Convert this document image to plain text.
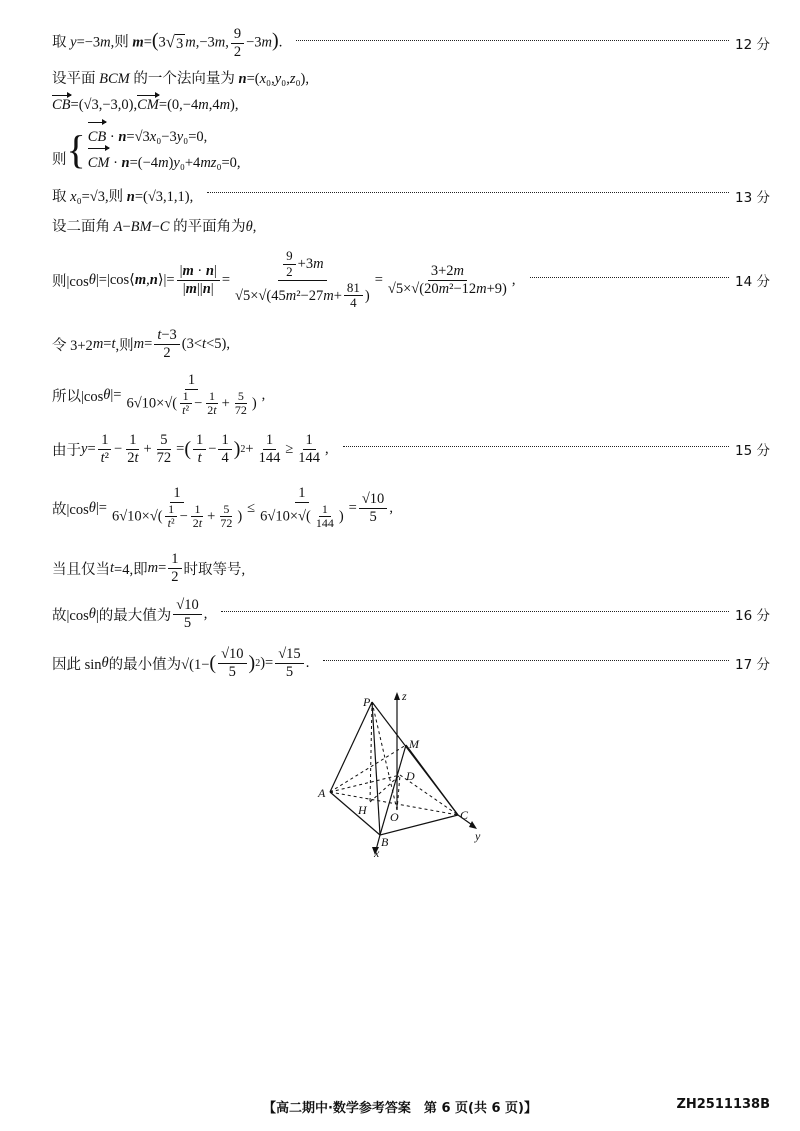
取 y=−3m,则 m=(3 √ 3 m,−3m, $\frac{9}{2} -3m$).	12 分
设平面 BCM 的一个法向量为 n=(x₀,y₀,z₀),
CB=(√3,−3,0),CM=(0,−4m,4m),
则 { CB · n=√3x₀−3y₀=0,
CM · n=(−4m)y₀+4mz₀=0,
取 x₀=√3,则 n=(√3,1,1),	13 分
设二面角 A−BM−C 的平面角为θ,
则|cos θ |=|cos⟨ m , n ⟩|= $\frac{|m \cdot n|}{|m||n|} = \frac{\frac{9}{2} +3m}{√5\times√(45m^2-27m+ \frac{81}{4} )} = \frac{3+2m}{\text{√5×√(20m²−12m+9)}}$ ,	14 分
令 3+2 m = t ,则 $m = \frac{t-3}{2} (3< t <5)$,
所以|cos θ |= $\frac{1}{6√10\times√( \frac{1}{\text{t²}} - \frac{1}{2t} + \frac{5}{72} )}$ ,
由于 $y = \frac{1}{\text{t²}} - \frac{1}{2t} + \frac{5}{72}$ = ( $\frac{1}{t} - \frac{1}{4}$ ) $2 + \frac{1}{144} \ge \frac{1}{144}$ ,	15 分
故|cos θ |= $\frac{1}{6√10\times√( \frac{1}{\text{t²}} - \frac{1}{2t} + \frac{5}{72} )} \le \frac{1}{6√10\times√( \frac{1}{144} )} = \frac{√10}{5}$ ,
当且仅当 t =4,即 $m = \frac{1}{2}$ 时取等号,
故|cos θ |的最大值为 $\frac{√10}{5}$ ,	16 分
因此 sin θ 的最小值为√(1− ( $\frac{√10}{5}$ ) 2 )= $\frac{√15}{5}$ .	17 分
P	z
M
D
A
H O	C
y
B
x
【高二期中·数学参考答案　第 6 页(共 6 页)】	ZH2511138B
